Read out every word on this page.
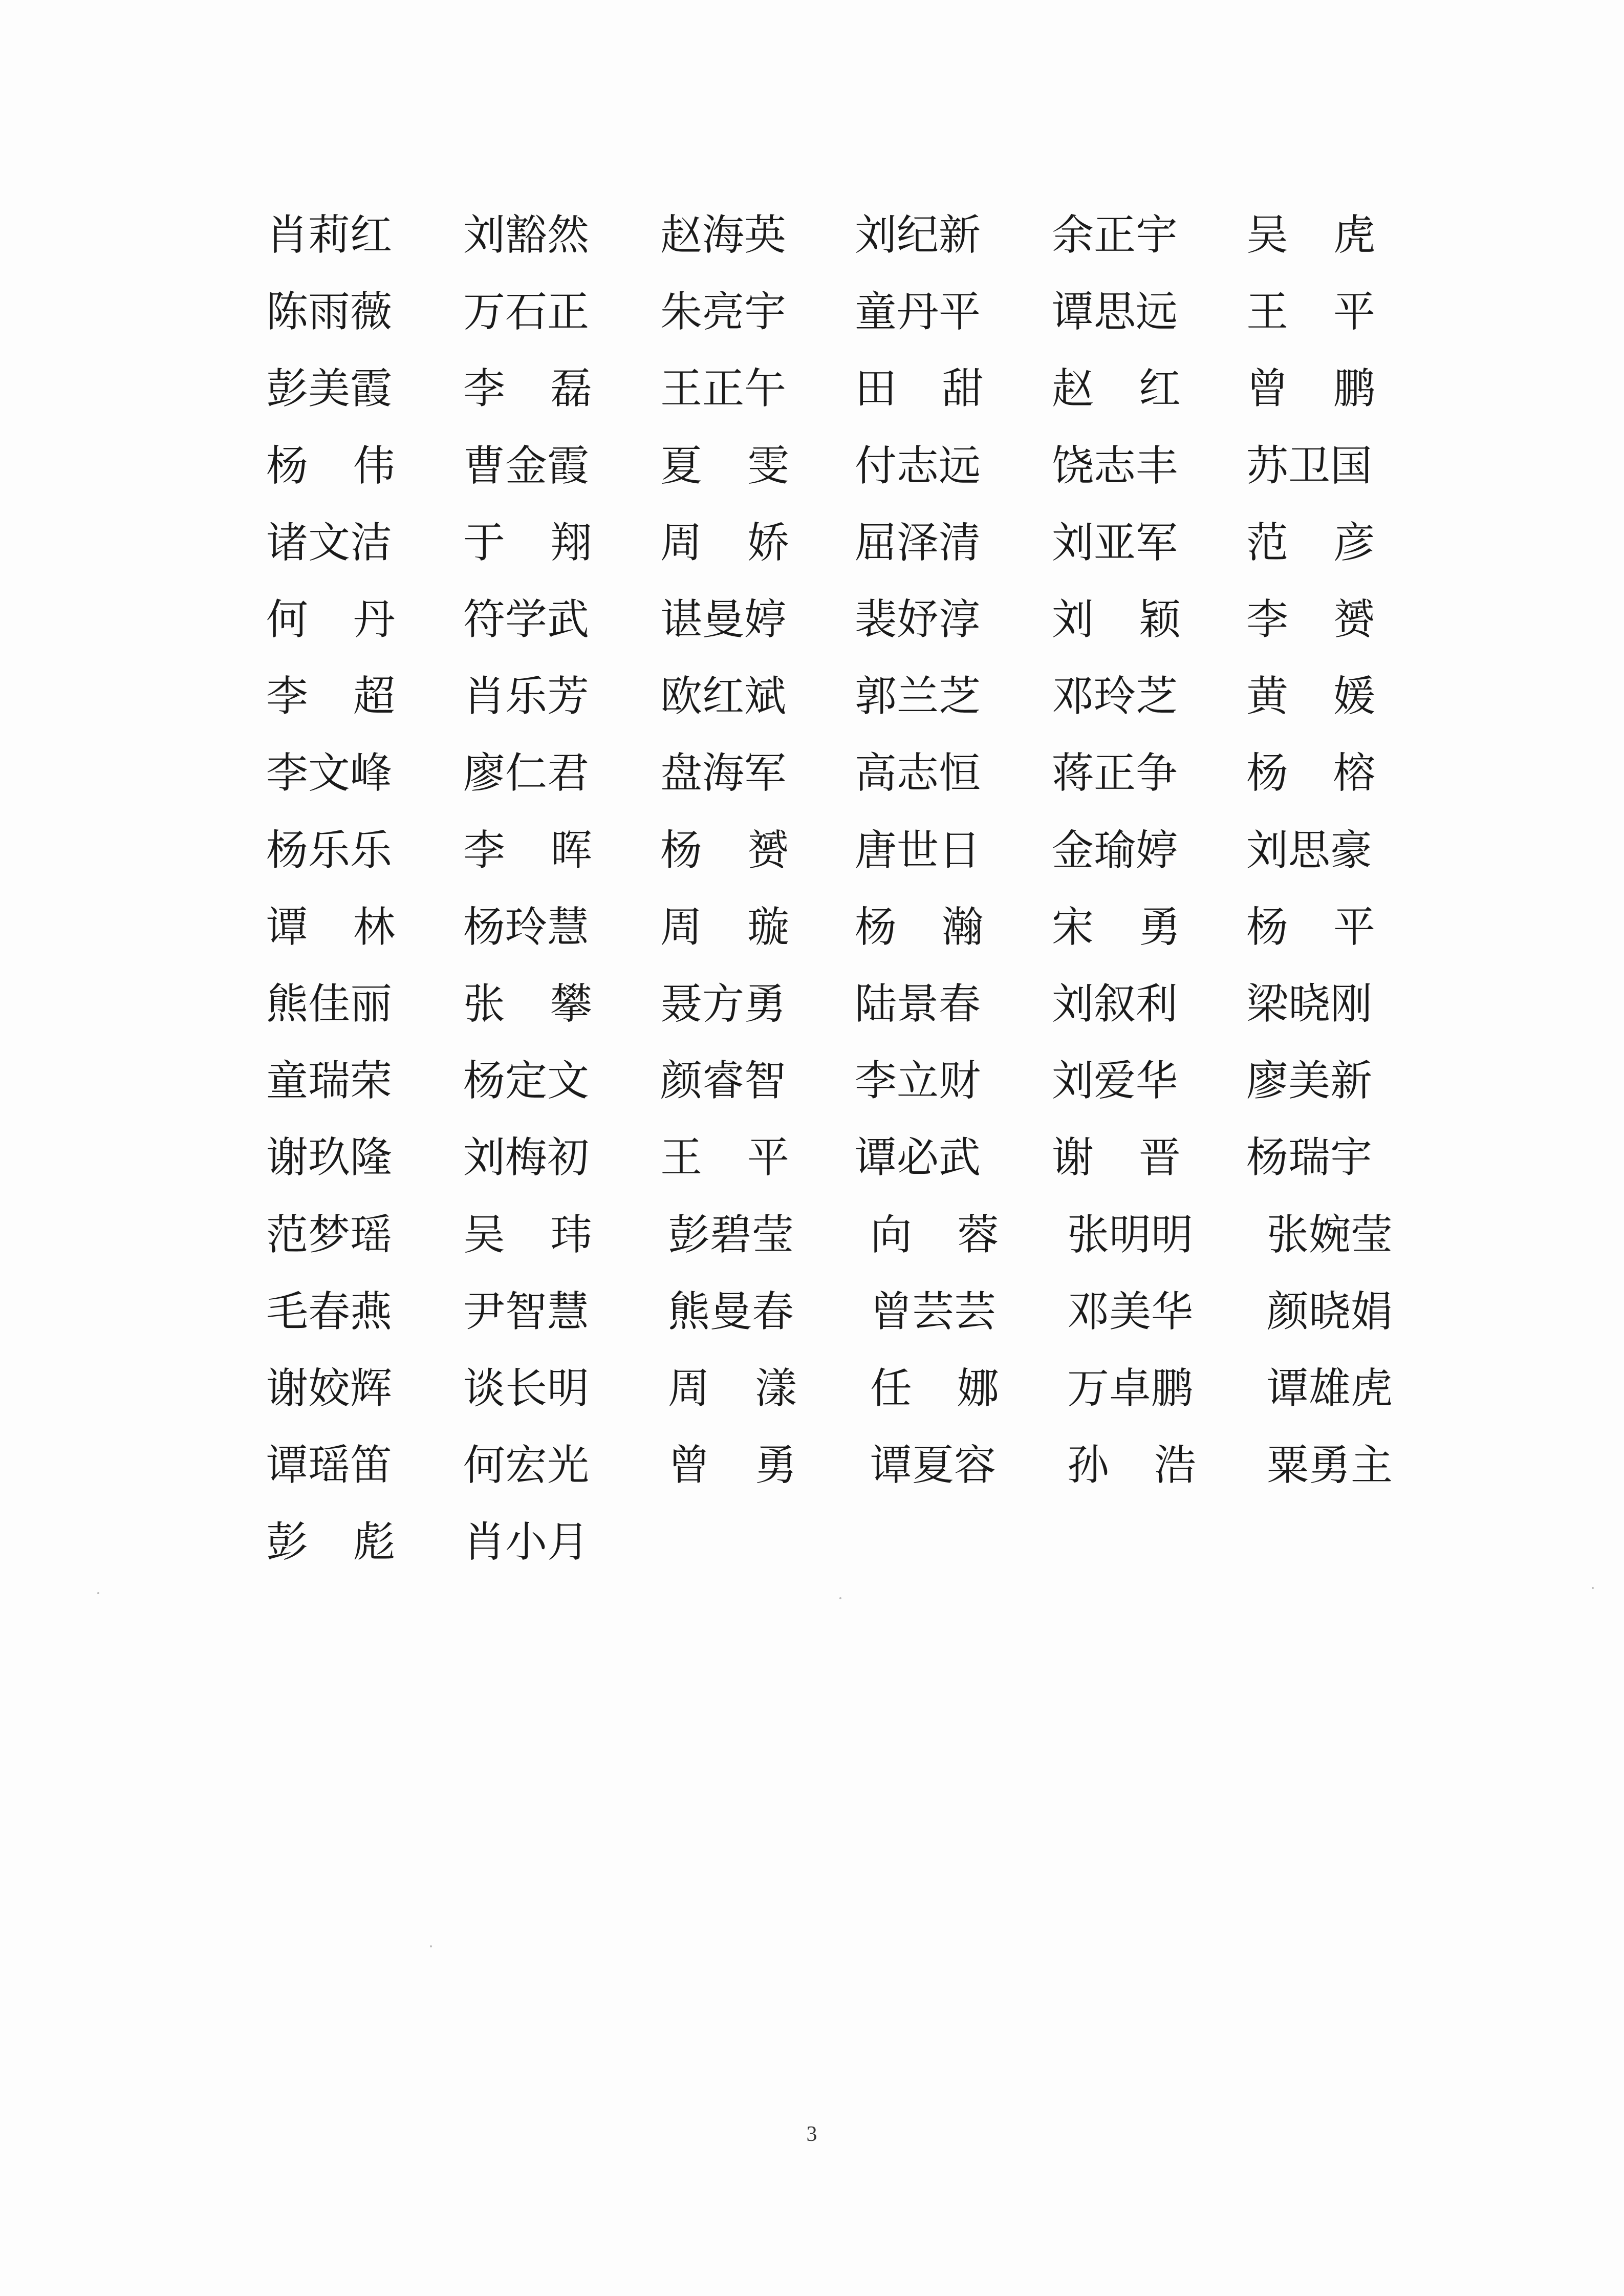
肖莉红 刘豁然 赵海英 刘纪新 余正宇 吴虎
陈雨薇 万石正 朱亮宇 童丹平 谭思远 王平
彭美霞 李磊 王正午 田甜 赵红 曾鹏
杨伟 曹金霞 夏雯 付志远 饶志丰 苏卫国
诸文洁 于翔 周娇 屈泽清 刘亚军 范彦
何丹 符学武 谌曼婷 裴妤淳 刘颖 李赟
李超 肖乐芳 欧红斌 郭兰芝 邓玲芝 黄媛
李文峰 廖仁君 盘海军 高志恒 蒋正争 杨榕
杨乐乐 李晖 杨赟 唐世日 金瑜婷 刘思豪
谭林 杨玲慧 周璇 杨瀚 宋勇 杨平
熊佳丽 张攀 聂方勇 陆景春 刘叙利 梁晓刚
童瑞荣 杨定文 颜睿智 李立财 刘爱华 廖美新
谢玖隆 刘梅初 王平 谭必武 谢晋 杨瑞宇
范梦瑶 吴玮 彭碧莹 向蓉 张明明 张婉莹
毛春燕 尹智慧 熊曼春 曾芸芸 邓美华 颜晓娟
谢姣辉 谈长明 周漾 任娜 万卓鹏 谭雄虎
谭瑶笛 何宏光 曾勇 谭夏容 孙浩 粟勇主
彭彪 肖小月
3
